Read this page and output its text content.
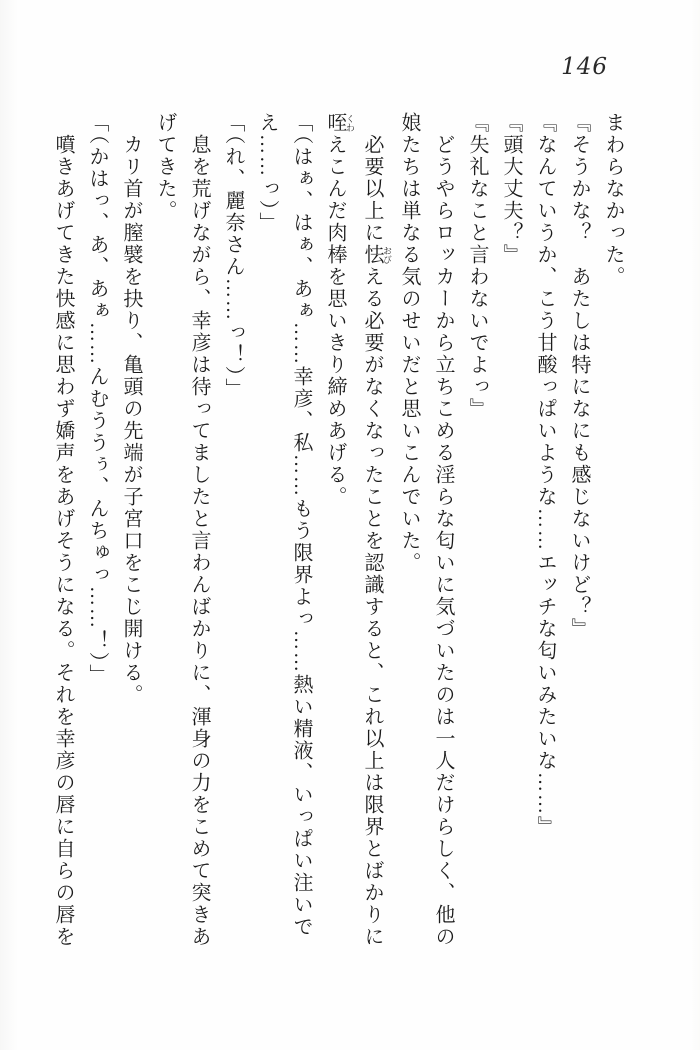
146

まわらなかった。

『そうかな？　あたしは特になにも感じないけど？』

『なんていうか、こう甘酸っぱいような……エッチな匂いみたいな……』

『頭大丈夫？』

『失礼なこと言わないでよっ』

　どうやらロッカーから立ちこめる淫らな匂いに気づいたのは一人だけらしく、他の

娘たちは単なる気のせいだと思いこんでいた。

　必要以上に怯 おびえる必要がなくなったことを認識すると、これ以上は限界とばかりに

咥 くわえこんだ肉棒を思いきり締めあげる。

「（はぁ、はぁ、あぁ……幸彦、私……もう限界よっ……熱い精液、いっぱい注いで

え……っ）」

「（れ、麗奈さん……っ！）」

　息を荒げながら、幸彦は待ってましたと言わんばかりに、渾身の力をこめて突きあ

げてきた。

　カリ首が膣襞を抉り、亀頭の先端が子宮口をこじ開ける。

「（かはっ、あ、あぁ……んむううぅ、んちゅっ……！）」

　噴きあげてきた快感に思わず嬌声をあげそうになる。それを幸彦の唇に自らの唇を
